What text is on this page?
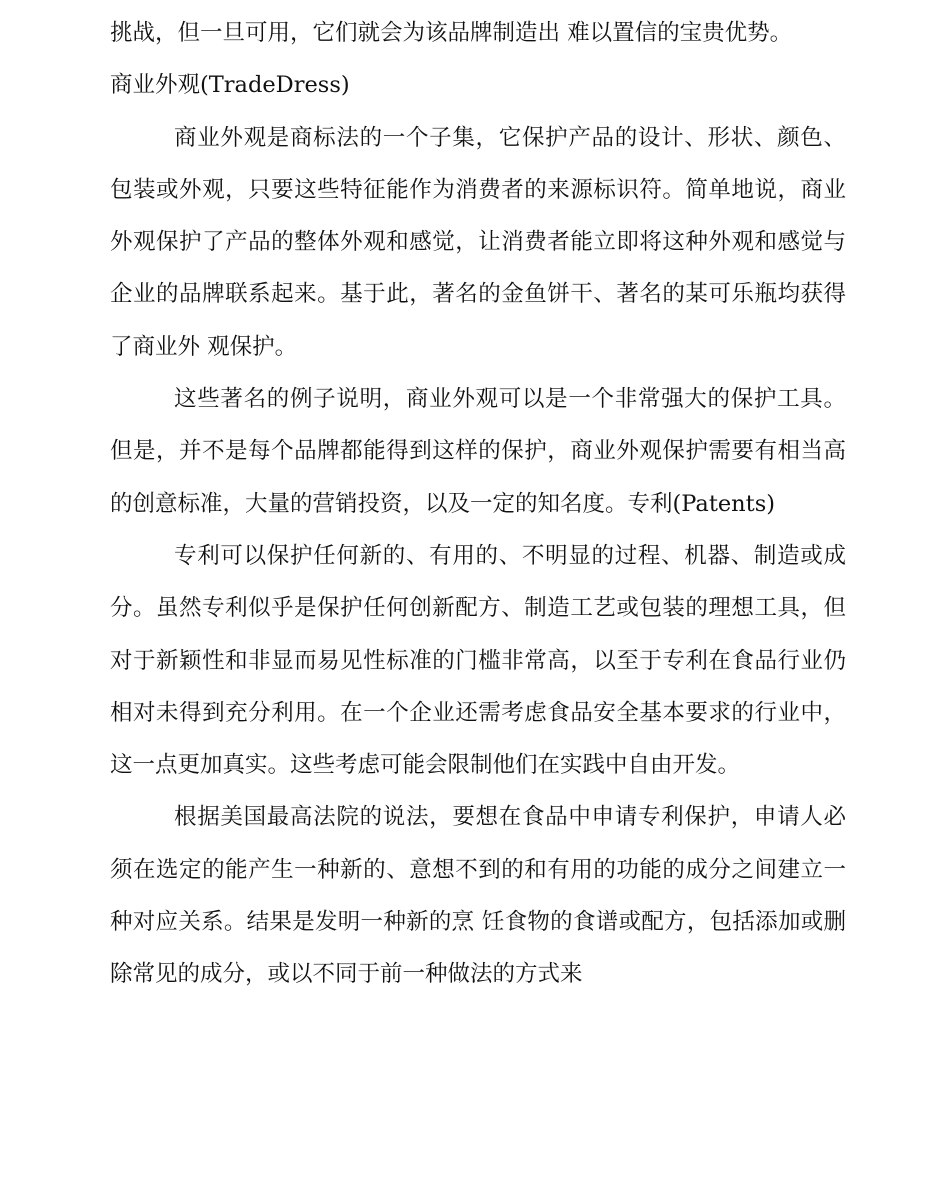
挑战，但一旦可用，它们就会为该品牌制造出 难以置信的宝贵优势。

商业外观(TradeDress)

商业外观是商标法的一个子集，它保护产品的设计、形状、颜色、包装或外观，只要这些特征能作为消费者的来源标识符。简单地说，商业外观保护了产品的整体外观和感觉，让消费者能立即将这种外观和感觉与企业的品牌联系起来。基于此，著名的金鱼饼干、著名的某可乐瓶均获得了商业外 观保护。

这些著名的例子说明，商业外观可以是一个非常强大的保护工具。但是，并不是每个品牌都能得到这样的保护，商业外观保护需要有相当高的创意标准，大量的营销投资，以及一定的知名度。专利(Patents)

专利可以保护任何新的、有用的、不明显的过程、机器、制造或成分。虽然专利似乎是保护任何创新配方、制造工艺或包装的理想工具，但对于新颖性和非显而易见性标准的门槛非常高，以至于专利在食品行业仍相对未得到充分利用。在一个企业还需考虑食品安全基本要求的行业中，这一点更加真实。这些考虑可能会限制他们在实践中自由开发。

根据美国最高法院的说法，要想在食品中申请专利保护，申请人必须在选定的能产生一种新的、意想不到的和有用的功能的成分之间建立一种对应关系。结果是发明一种新的烹 饪食物的食谱或配方，包括添加或删除常见的成分，或以不同于前一种做法的方式来
